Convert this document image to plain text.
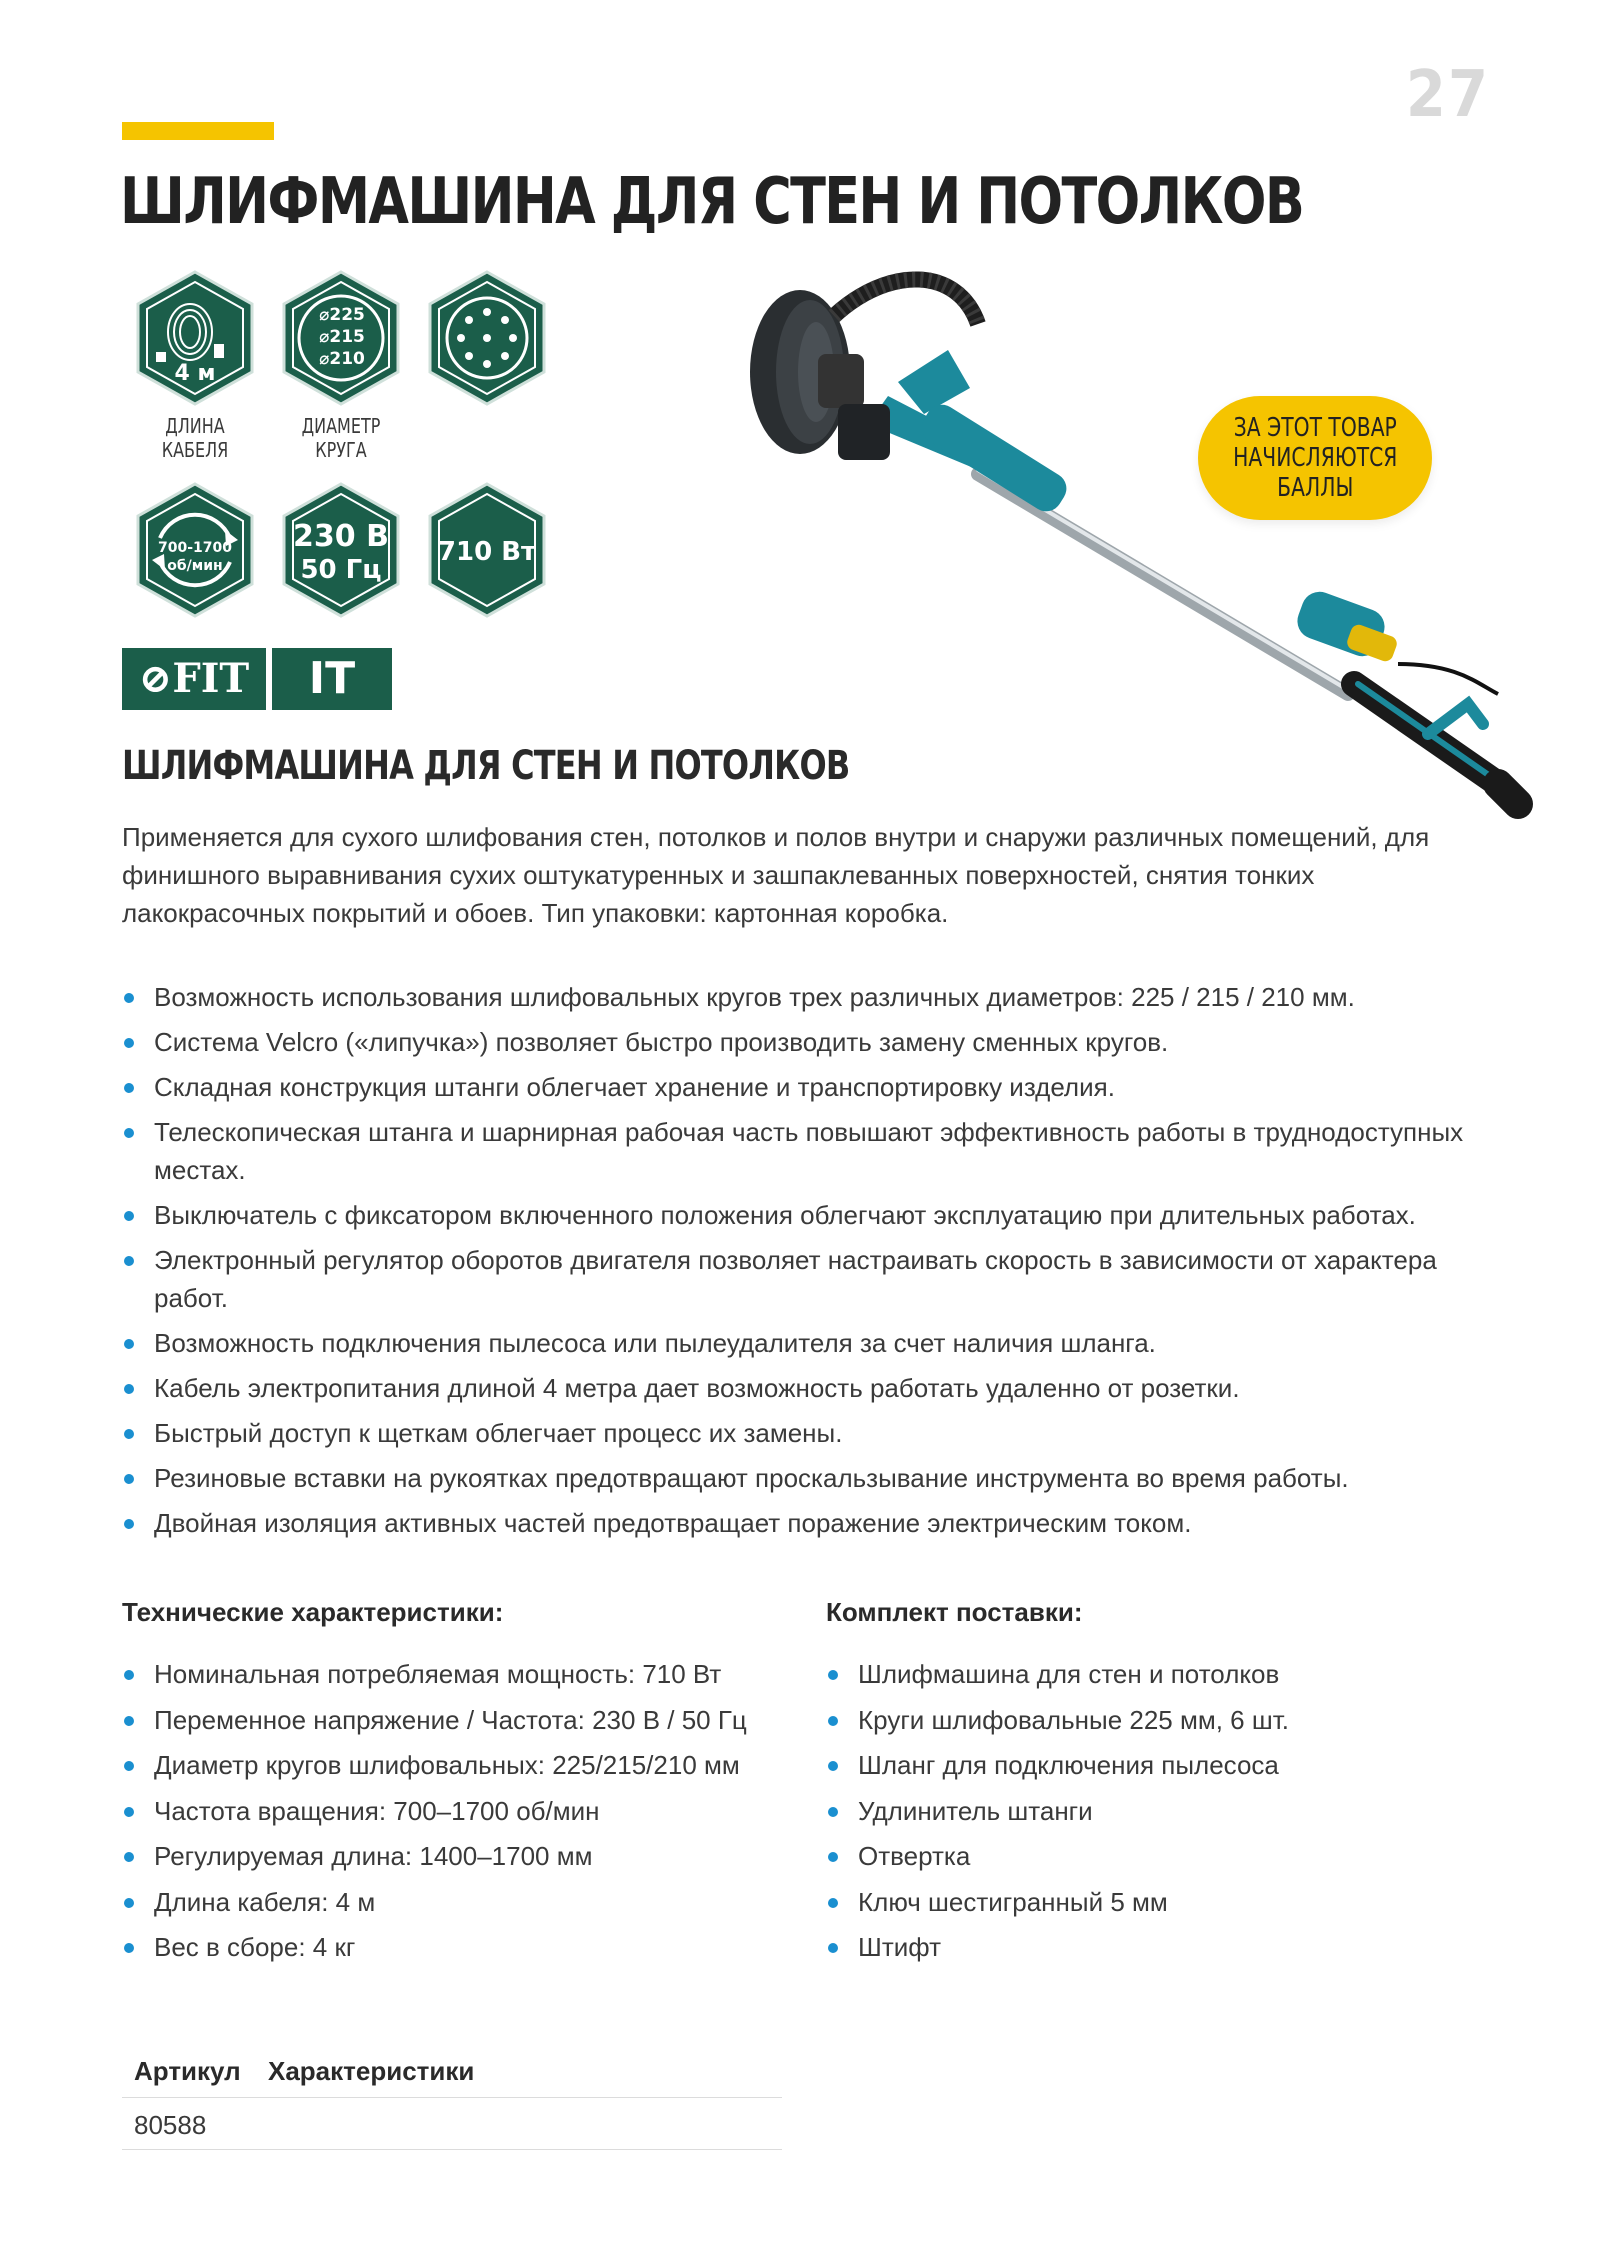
27
ШЛИФМАШИНА ДЛЯ СТЕН И ПОТОЛКОВ
4 м
ДЛИНА
КАБЕЛЯ
⌀225
⌀215
⌀210
ДИАМЕТР
КРУГА
700-1700
об/мин
230 В
50 Гц
710 Вт
⊘FIT	IT
ЗА ЭТОТ ТОВАР
НАЧИСЛЯЮТСЯ
БАЛЛЫ
ШЛИФМАШИНА ДЛЯ СТЕН И ПОТОЛКОВ

Применяется для сухого шлифования стен, потолков и полов внутри и снаружи различных помещений, для финишного выравнивания сухих оштукатуренных и зашпаклеванных поверхностей, снятия тонких лакокрасочных покрытий и обоев. Тип упаковки: картонная коробка.

Возможность использования шлифовальных кругов трех различных диаметров: 225 / 215 / 210 мм.
Система Velcro («липучка») позволяет быстро производить замену сменных кругов.
Складная конструкция штанги облегчает хранение и транспортировку изделия.
Телескопическая штанга и шарнирная рабочая часть повышают эффективность работы в труднодоступных местах.
Выключатель с фиксатором включенного положения облегчают эксплуатацию при длительных работах.
Электронный регулятор оборотов двигателя позволяет настраивать скорость в зависимости от характера работ.
Возможность подключения пылесоса или пылеудалителя за счет наличия шланга.
Кабель электропитания длиной 4 метра дает возможность работать удаленно от розетки.
Быстрый доступ к щеткам облегчает процесс их замены.
Резиновые вставки на рукоятках предотвращают проскальзывание инструмента во время работы.
Двойная изоляция активных частей предотвращает поражение электрическим током.
Технические характеристики:	Комплект поставки:
Номинальная потребляемая мощность: 710 Вт
Переменное напряжение / Частота: 230 В / 50 Гц
Диаметр кругов шлифовальных: 225/215/210 мм
Частота вращения: 700–1700 об/мин
Регулируемая длина: 1400–1700 мм
Длина кабеля: 4 м
Вес в сборе: 4 кг
Шлифмашина для стен и потолков
Круги шлифовальные 225 мм, 6 шт.
Шланг для подключения пылесоса
Удлинитель штанги
Отвертка
Ключ шестигранный 5 мм
Штифт
Артикул	Характеристики
80588	
